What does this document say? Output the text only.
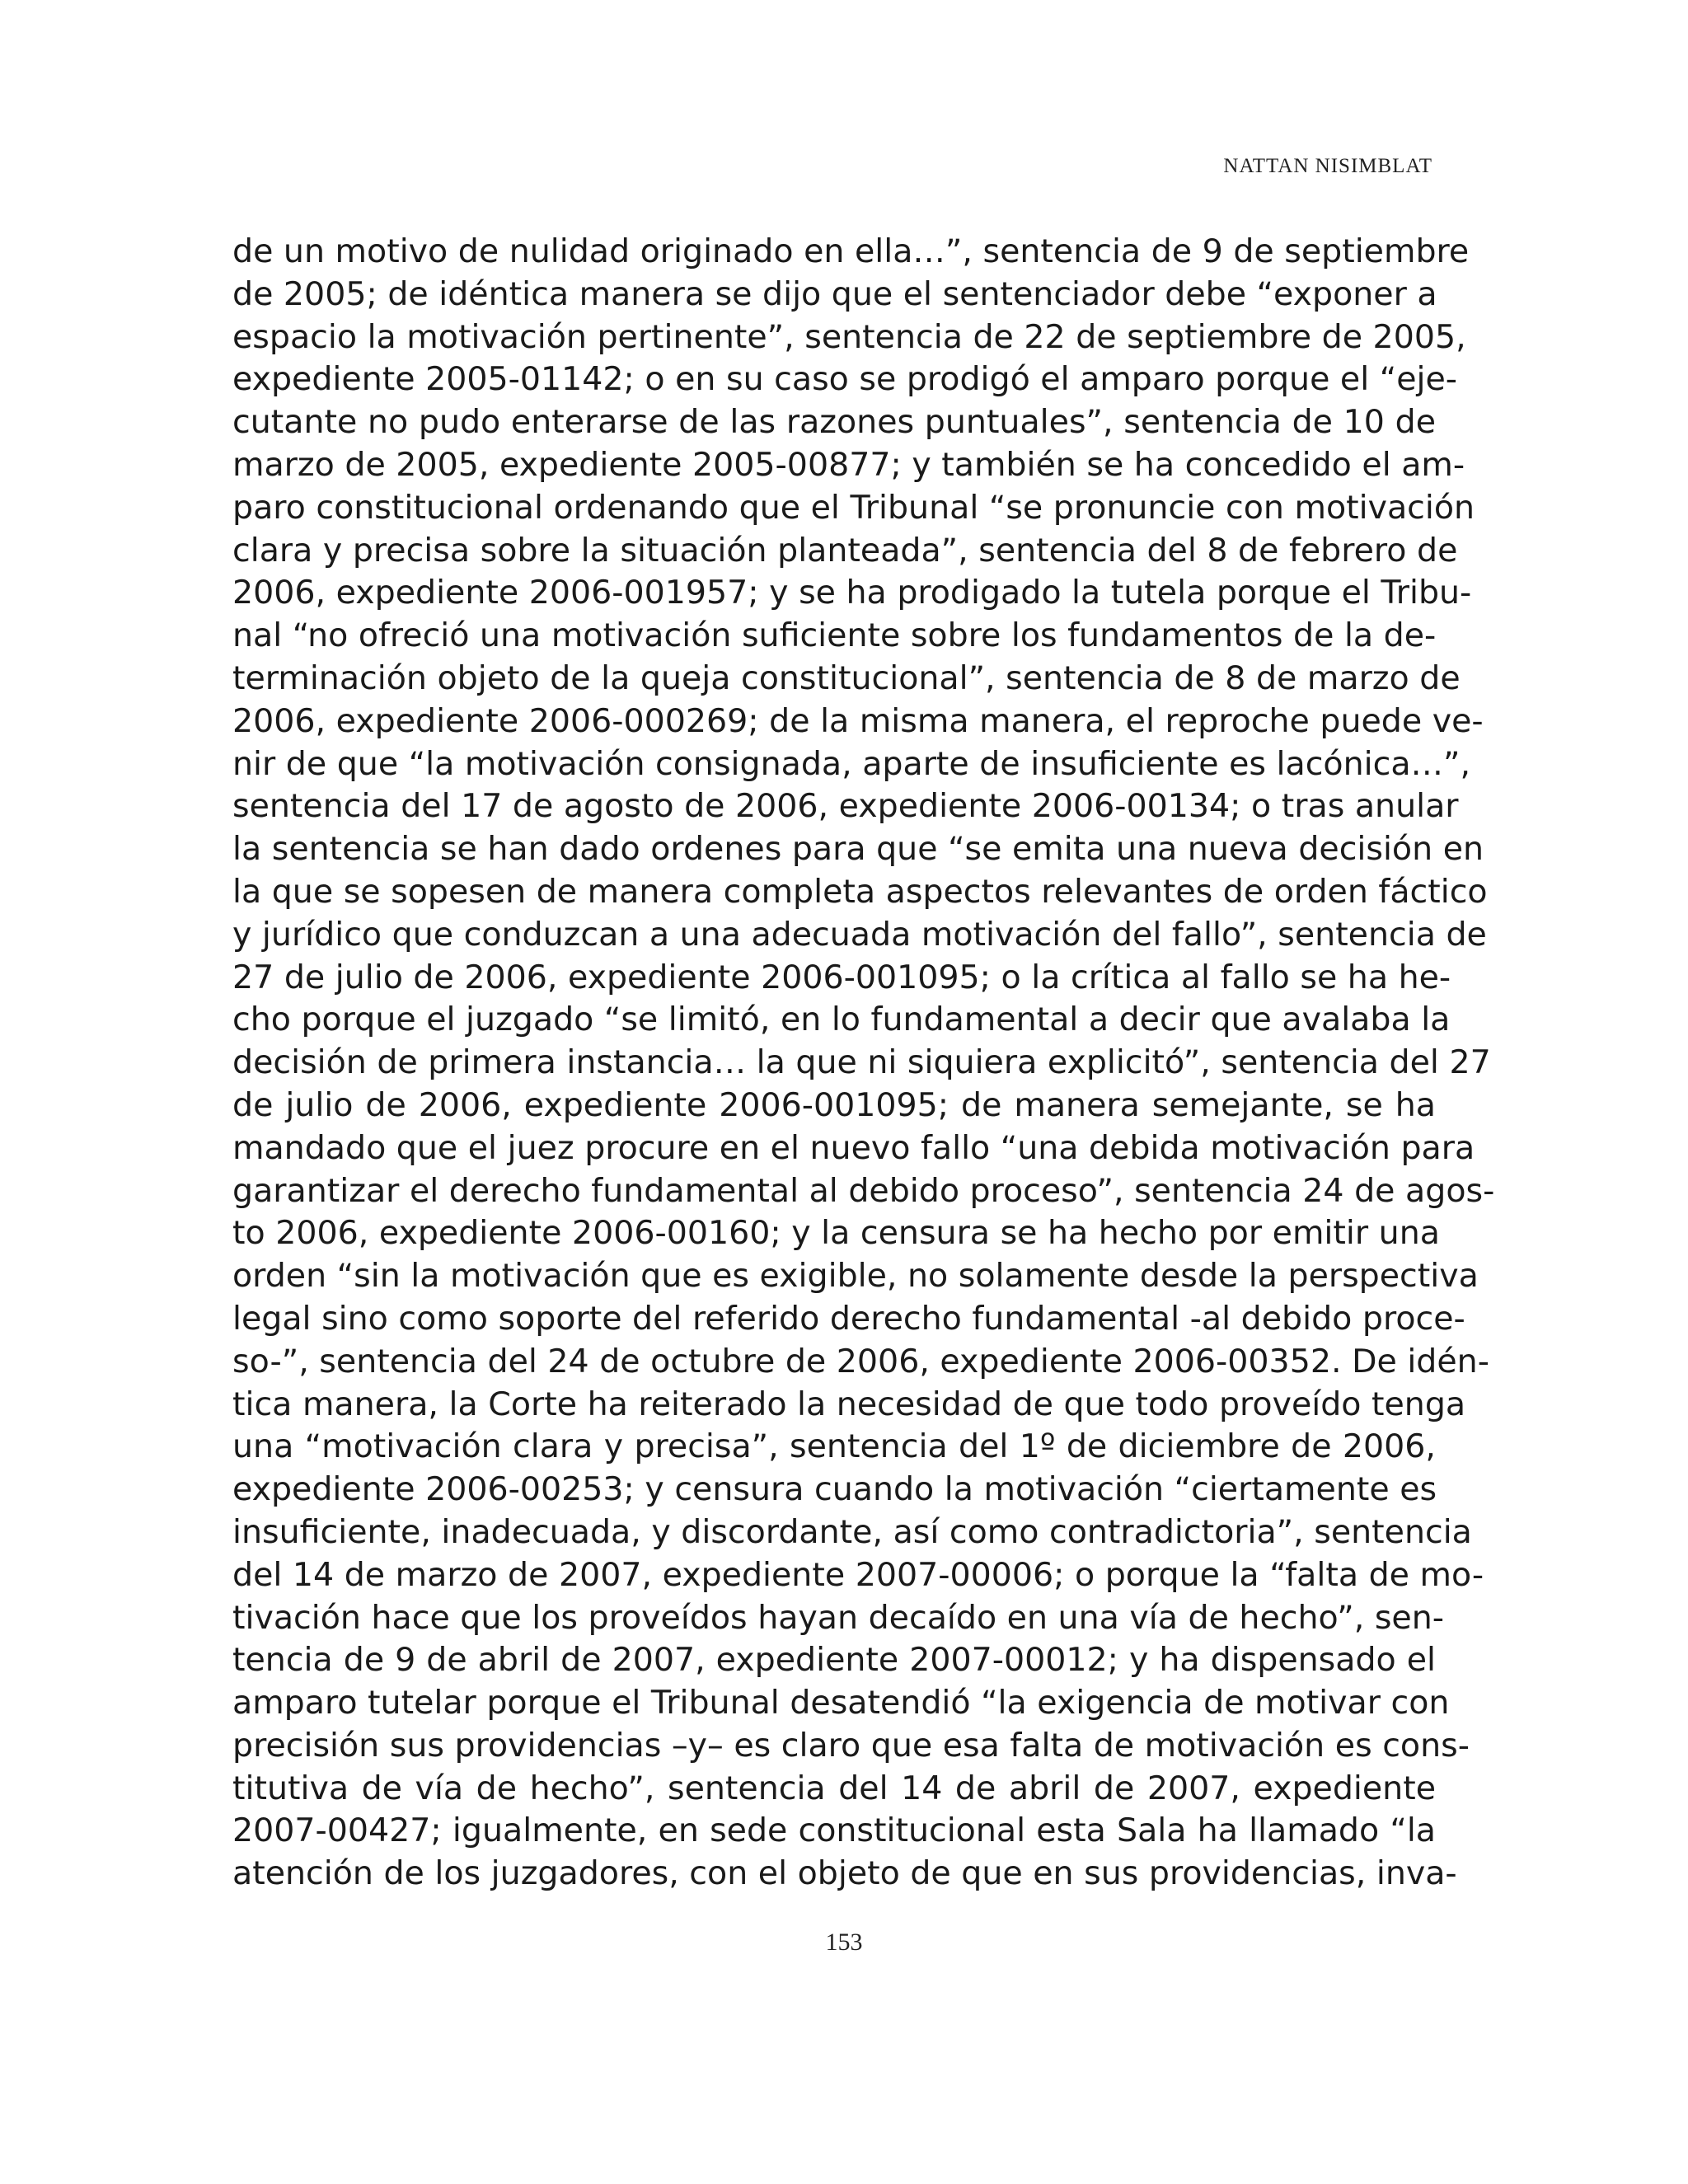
NATTAN NISIMBLAT
de un motivo de nulidad originado en ella…”, sentencia de 9 de septiembre
de 2005; de idéntica manera se dijo que el sentenciador debe “exponer a
espacio la motivación pertinente”, sentencia de 22 de septiembre de 2005,
expediente 2005-01142; o en su caso se prodigó el amparo porque el “eje-
cutante no pudo enterarse de las razones puntuales”, sentencia de 10 de
marzo de 2005, expediente 2005-00877; y también se ha concedido el am-
paro constitucional ordenando que el Tribunal “se pronuncie con motivación
clara y precisa sobre la situación planteada”, sentencia del 8 de febrero de
2006, expediente 2006-001957; y se ha prodigado la tutela porque el Tribu-
nal “no ofreció una motivación suficiente sobre los fundamentos de la de-
terminación objeto de la queja constitucional”, sentencia de 8 de marzo de
2006, expediente 2006-000269; de la misma manera, el reproche puede ve-
nir de que “la motivación consignada, aparte de insuficiente es lacónica…”,
sentencia del 17 de agosto de 2006, expediente 2006-00134; o tras anular
la sentencia se han dado ordenes para que “se emita una nueva decisión en
la que se sopesen de manera completa aspectos relevantes de orden fáctico
y jurídico que conduzcan a una adecuada motivación del fallo”, sentencia de
27 de julio de 2006, expediente 2006-001095; o la crítica al fallo se ha he-
cho porque el juzgado “se limitó, en lo fundamental a decir que avalaba la
decisión de primera instancia… la que ni siquiera explicitó”, sentencia del 27
de julio de 2006, expediente 2006-001095; de manera semejante, se ha
mandado que el juez procure en el nuevo fallo “una debida motivación para
garantizar el derecho fundamental al debido proceso”, sentencia 24 de agos-
to 2006, expediente 2006-00160; y la censura se ha hecho por emitir una
orden “sin la motivación que es exigible, no solamente desde la perspectiva
legal sino como soporte del referido derecho fundamental -al debido proce-
so-”, sentencia del 24 de octubre de 2006, expediente 2006-00352. De idén-
tica manera, la Corte ha reiterado la necesidad de que todo proveído tenga
una “motivación clara y precisa”, sentencia del 1º de diciembre de 2006,
expediente 2006-00253; y censura cuando la motivación “ciertamente es
insuficiente, inadecuada, y discordante, así como contradictoria”, sentencia
del 14 de marzo de 2007, expediente 2007-00006; o porque la “falta de mo-
tivación hace que los proveídos hayan decaído en una vía de hecho”, sen-
tencia de 9 de abril de 2007, expediente 2007-00012; y ha dispensado el
amparo tutelar porque el Tribunal desatendió “la exigencia de motivar con
precisión sus providencias –y– es claro que esa falta de motivación es cons-
titutiva de vía de hecho”, sentencia del 14 de abril de 2007, expediente
2007-00427; igualmente, en sede constitucional esta Sala ha llamado “la
atención de los juzgadores, con el objeto de que en sus providencias, inva-
153
